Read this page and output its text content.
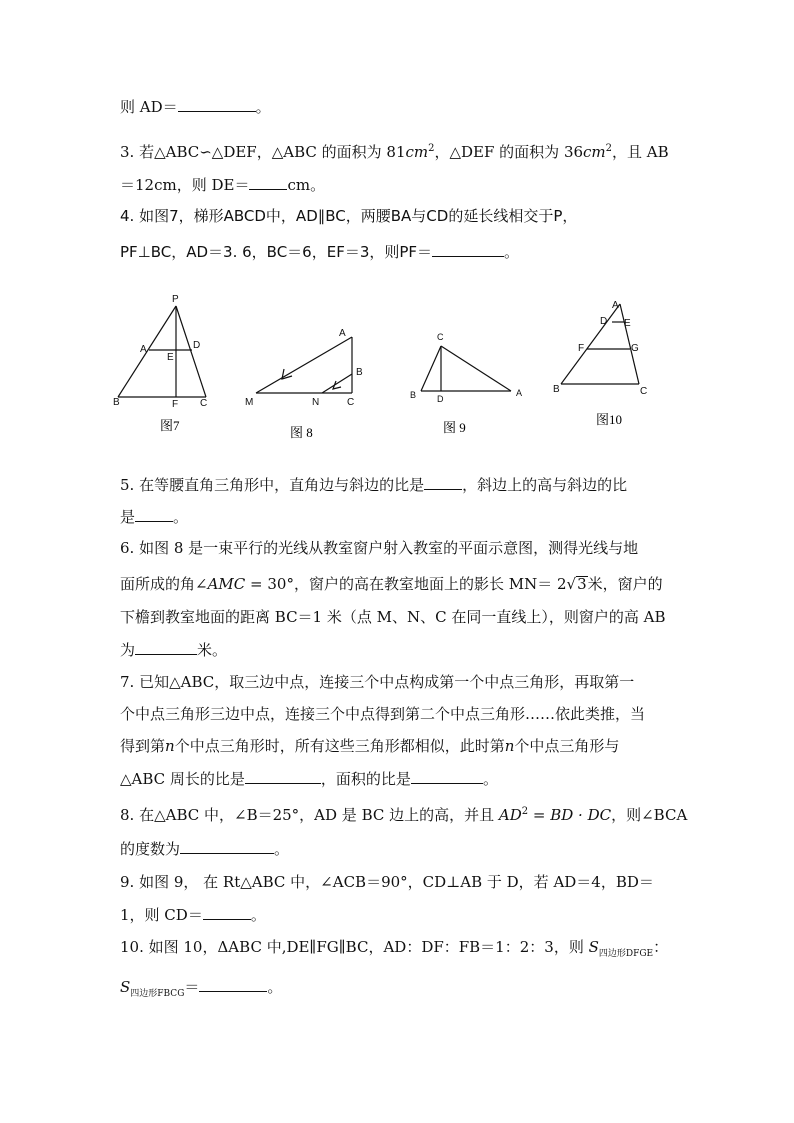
则 AD＝	。
3. 若△ABC∽△DEF，△ABC 的面积为 $81cm^2$，△DEF 的面积为 $36cm^2$，且 AB
＝12cm，则 DE＝	cm。
4. 如图7，梯形ABCD中，AD∥BC，两腰BA与CD的延长线相交于P，
PF⊥BC，AD＝3. 6，BC＝6，EF＝3，则PF＝	。
P
A	D
E
B	F C
图7
A
B
M	N	C
图 8
C
B D
A
图 9
A
D E
F	G
B	C
图10
5. 在等腰直角三角形中，直角边与斜边的比是	，斜边上的高与斜边的比
是	。
6. 如图 8 是一束平行的光线从教室窗户射入教室的平面示意图，测得光线与地
面所成的角∠AMC = 30°，窗户的高在教室地面上的影长 MN＝ 2√3米，窗户的
下檐到教室地面的距离 BC＝1 米（点 M、N、C 在同一直线上），则窗户的高 AB
为	米。
7. 已知△ABC，取三边中点，连接三个中点构成第一个中点三角形，再取第一
个中点三角形三边中点，连接三个中点得到第二个中点三角形……依此类推，当
得到第n个中点三角形时，所有这些三角形都相似，此时第n个中点三角形与
△ABC 周长的比是	，面积的比是	。
8. 在△ABC 中，∠B＝25°，AD 是 BC 边上的高，并且 $AD^2$ = BD · DC，则∠BCA
的度数为	。
9. 如图 9， 在 Rt△ABC 中，∠ACB＝90°，CD⊥AB 于 D，若 AD＝4，BD＝
1，则 CD＝	。
10. 如图 10，ΔABC 中,DE∥FG∥BC，AD：DF：FB＝1：2：3，则 $S_{四边形DFGE}$：
$S_{四边形FBCG}=$	。
